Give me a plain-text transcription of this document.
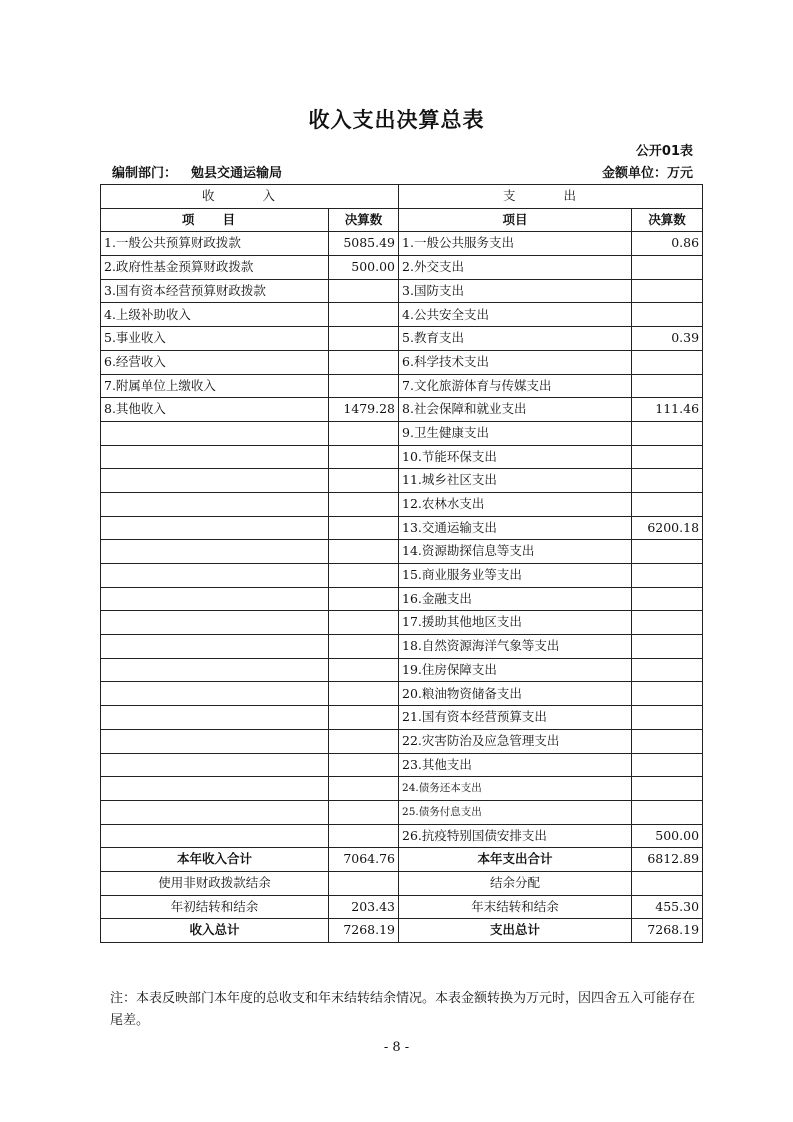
收入支出决算总表
公开01表
编制部门： 勉县交通运输局	金额单位：万元
收 入		支 出	
项 目	决算数	项目	决算数
1.一般公共预算财政拨款	5085.49	1.一般公共服务支出	0.86
2.政府性基金预算财政拨款	500.00	2.外交支出	
3.国有资本经营预算财政拨款		3.国防支出	
4.上级补助收入		4.公共安全支出	
5.事业收入		5.教育支出	0.39
6.经营收入		6.科学技术支出	
7.附属单位上缴收入		7.文化旅游体育与传媒支出	
8.其他收入	1479.28	8.社会保障和就业支出	111.46
		9.卫生健康支出	
		10.节能环保支出	
		11.城乡社区支出	
		12.农林水支出	
		13.交通运输支出	6200.18
		14.资源勘探信息等支出	
		15.商业服务业等支出	
		16.金融支出	
		17.援助其他地区支出	
		18.自然资源海洋气象等支出	
		19.住房保障支出	
		20.粮油物资储备支出	
		21.国有资本经营预算支出	
		22.灾害防治及应急管理支出	
		23.其他支出	
		24.债务还本支出	
		25.债务付息支出	
		26.抗疫特别国债安排支出	500.00
本年收入合计	7064.76	本年支出合计	6812.89
使用非财政拨款结余		结余分配	
年初结转和结余	203.43	年末结转和结余	455.30
收入总计	7268.19	支出总计	7268.19
注：本表反映部门本年度的总收支和年末结转结余情况。本表金额转换为万元时，因四舍五入可能存在尾差。
- 8 -
